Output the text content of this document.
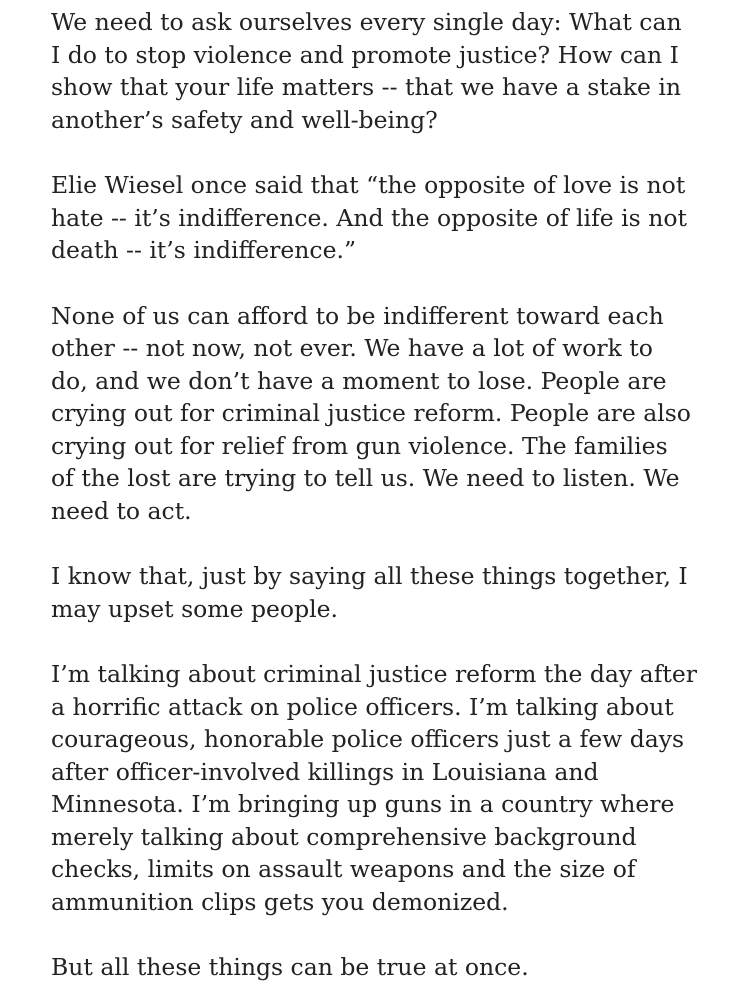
We need to ask ourselves every single day: What can
I do to stop violence and promote justice? How can I
show that your life matters -- that we have a stake in
another’s safety and well-being?

Elie Wiesel once said that “the opposite of love is not
hate -- it’s indifference. And the opposite of life is not
death -- it’s indifference.”

None of us can afford to be indifferent toward each
other -- not now, not ever. We have a lot of work to
do, and we don’t have a moment to lose. People are
crying out for criminal justice reform. People are also
crying out for relief from gun violence. The families
of the lost are trying to tell us. We need to listen. We
need to act.

I know that, just by saying all these things together, I
may upset some people.

I’m talking about criminal justice reform the day after
a horrific attack on police officers. I’m talking about
courageous, honorable police officers just a few days
after officer-involved killings in Louisiana and
Minnesota. I’m bringing up guns in a country where
merely talking about comprehensive background
checks, limits on assault weapons and the size of
ammunition clips gets you demonized.

But all these things can be true at once.
